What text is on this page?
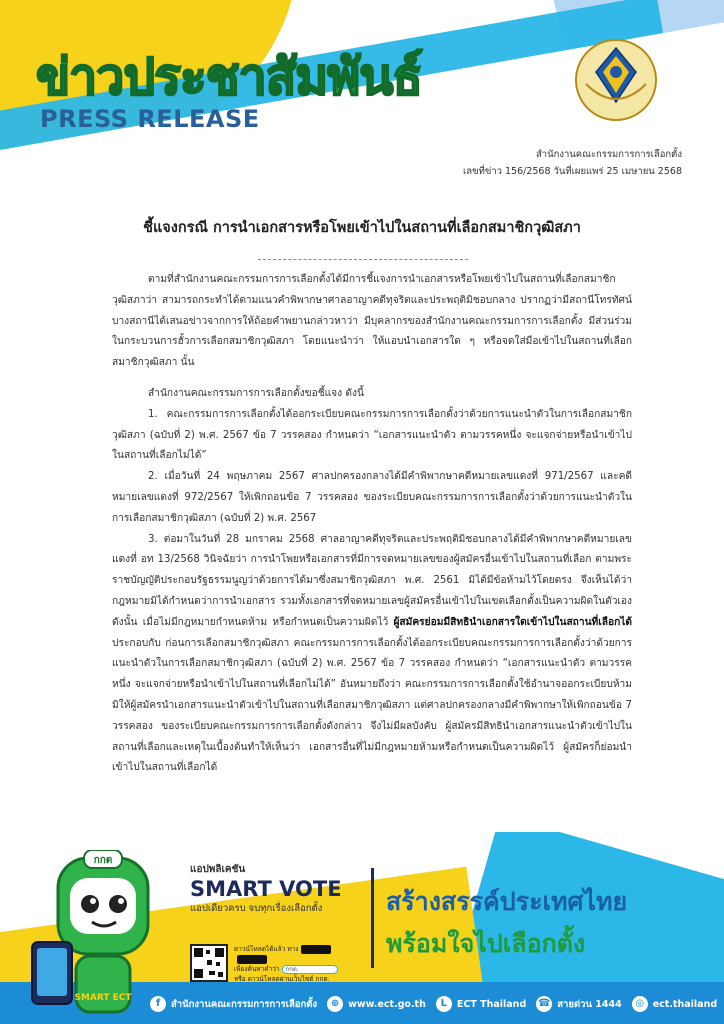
ข่าวประชาสัมพันธ์
PRESS RELEASE
สำนักงานคณะกรรมการการเลือกตั้ง
เลขที่ข่าว 156/2568 วันที่เผยแพร่ 25 เมษายน 2568
ชี้แจงกรณี การนำเอกสารหรือโพยเข้าไปในสถานที่เลือกสมาชิกวุฒิสภา

ตามที่สำนักงานคณะกรรมการการเลือกตั้งได้มีการชี้แจงการนำเอกสารหรือโพยเข้าไปในสถานที่เลือกสมาชิกวุฒิสภาว่า สามารถกระทำได้ตามแนวคำพิพากษาศาลอาญาคดีทุจริตและประพฤติมิชอบกลาง ปรากฏว่ามีสถานีโทรทัศน์บางสถานีได้เสนอข่าวจากการให้ถ้อยคำพยานกล่าวหาว่า มีบุคลากรของสำนักงานคณะกรรมการการเลือกตั้ง มีส่วนร่วมในกระบวนการฮั้วการเลือกสมาชิกวุฒิสภา โดยแนะนำว่า ให้แอบนำเอกสารใด ๆ หรือจดใส่มือเข้าไปในสถานที่เลือกสมาชิกวุฒิสภา นั้น

สำนักงานคณะกรรมการการเลือกตั้งขอชี้แจง ดังนี้

1. คณะกรรมการการเลือกตั้งได้ออกระเบียบคณะกรรมการการเลือกตั้งว่าด้วยการแนะนำตัวในการเลือกสมาชิกวุฒิสภา (ฉบับที่ 2) พ.ศ. 2567 ข้อ 7 วรรคสอง กำหนดว่า “เอกสารแนะนำตัว ตามวรรคหนึ่ง จะแจกจ่ายหรือนำเข้าไปในสถานที่เลือกไม่ได้”

2. เมื่อวันที่ 24 พฤษภาคม 2567 ศาลปกครองกลางได้มีคำพิพากษาคดีหมายเลขแดงที่ 971/2567 และคดีหมายเลขแดงที่ 972/2567 ให้เพิกถอนข้อ 7 วรรคสอง ของระเบียบคณะกรรมการการเลือกตั้งว่าด้วยการแนะนำตัวในการเลือกสมาชิกวุฒิสภา (ฉบับที่ 2) พ.ศ. 2567

3. ต่อมาในวันที่ 28 มกราคม 2568 ศาลอาญาคดีทุจริตและประพฤติมิชอบกลางได้มีคำพิพากษาคดีหมายเลขแดงที่ อท 13/2568 วินิจฉัยว่า การนำโพยหรือเอกสารที่มีการจดหมายเลขของผู้สมัครอื่นเข้าไปในสถานที่เลือก ตามพระราชบัญญัติประกอบรัฐธรรมนูญว่าด้วยการได้มาซึ่งสมาชิกวุฒิสภา พ.ศ. 2561 มิได้มีข้อห้ามไว้โดยตรง จึงเห็นได้ว่า กฎหมายมิได้กำหนดว่าการนำเอกสาร รวมทั้งเอกสารที่จดหมายเลขผู้สมัครอื่นเข้าไปในเขตเลือกตั้งเป็นความผิดในตัวเอง ดังนั้น เมื่อไม่มีกฎหมายกำหนดห้าม หรือกำหนดเป็นความผิดไว้ ผู้สมัครย่อมมีสิทธินำเอกสารใดเข้าไปในสถานที่เลือกได้ ประกอบกับ ก่อนการเลือกสมาชิกวุฒิสภา คณะกรรมการการเลือกตั้งได้ออกระเบียบคณะกรรมการการเลือกตั้งว่าด้วยการแนะนำตัวในการเลือกสมาชิกวุฒิสภา (ฉบับที่ 2) พ.ศ. 2567 ข้อ 7 วรรคสอง กำหนดว่า “เอกสารแนะนำตัว ตามวรรคหนึ่ง จะแจกจ่ายหรือนำเข้าไปในสถานที่เลือกไม่ได้” อันหมายถึงว่า คณะกรรมการการเลือกตั้งใช้อำนาจออกระเบียบห้ามมิให้ผู้สมัครนำเอกสารแนะนำตัวเข้าไปในสถานที่เลือกสมาชิกวุฒิสภา แต่ศาลปกครองกลางมีคำพิพากษาให้เพิกถอนข้อ 7 วรรคสอง ของระเบียบคณะกรรมการการเลือกตั้งดังกล่าว จึงไม่มีผลบังคับ ผู้สมัครมีสิทธินำเอกสารแนะนำตัวเข้าไปในสถานที่เลือกและเหตุในเบื้องต้นทำให้เห็นว่า เอกสารอื่นที่ไม่มีกฎหมายห้ามหรือกำหนดเป็นความผิดไว้ ผู้สมัครก็ย่อมนำเข้าไปในสถานที่เลือกได้

กกต
SMART ECT
แอปพลิเคชัน
SMART VOTE
แอปเดียวครบ จบทุกเรื่องเลือกตั้ง
ดาวน์โหลดได้แล้ว ทาง
เพียงค้นหาคำว่า กกต.
หรือ ดาวน์โหลดผ่านเว็บไซต์ กกต.
สร้างสรรค์ประเทศไทย
พร้อมใจไปเลือกตั้ง
f	สำนักงานคณะกรรมการการเลือกตั้ง	⊕ www.ect.go.th	L	ECT Thailand ☎ สายด่วน 1444	◎ ect.thailand
